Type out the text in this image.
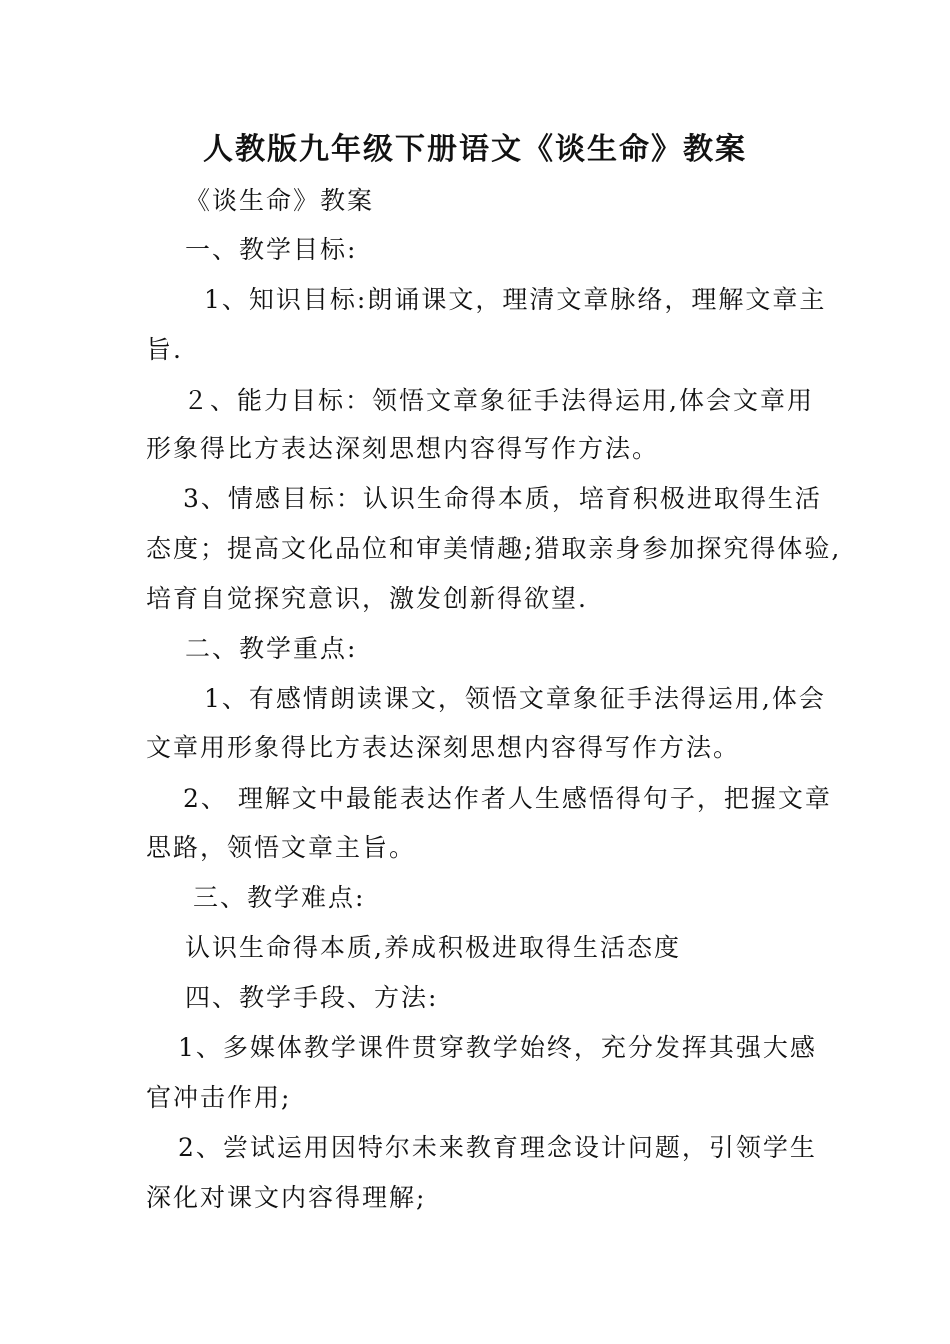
人教版九年级下册语文《谈生命》教案
《谈生命》教案
一、教学目标:
1、知识目标:朗诵课文，理清文章脉络，理解文章主
旨.
２、能力目标：领悟文章象征手法得运用,体会文章用
形象得比方表达深刻思想内容得写作方法。
3、情感目标：认识生命得本质，培育积极进取得生活
态度；提高文化品位和审美情趣;猎取亲身参加探究得体验,
培育自觉探究意识，激发创新得欲望.
二、教学重点:
1、有感情朗读课文，领悟文章象征手法得运用,体会
文章用形象得比方表达深刻思想内容得写作方法。
2、 理解文中最能表达作者人生感悟得句子，把握文章
思路，领悟文章主旨。
三、教学难点:
认识生命得本质,养成积极进取得生活态度
四、教学手段、方法:
1、多媒体教学课件贯穿教学始终，充分发挥其强大感
官冲击作用;
2、尝试运用因特尔未来教育理念设计问题，引领学生
深化对课文内容得理解;
